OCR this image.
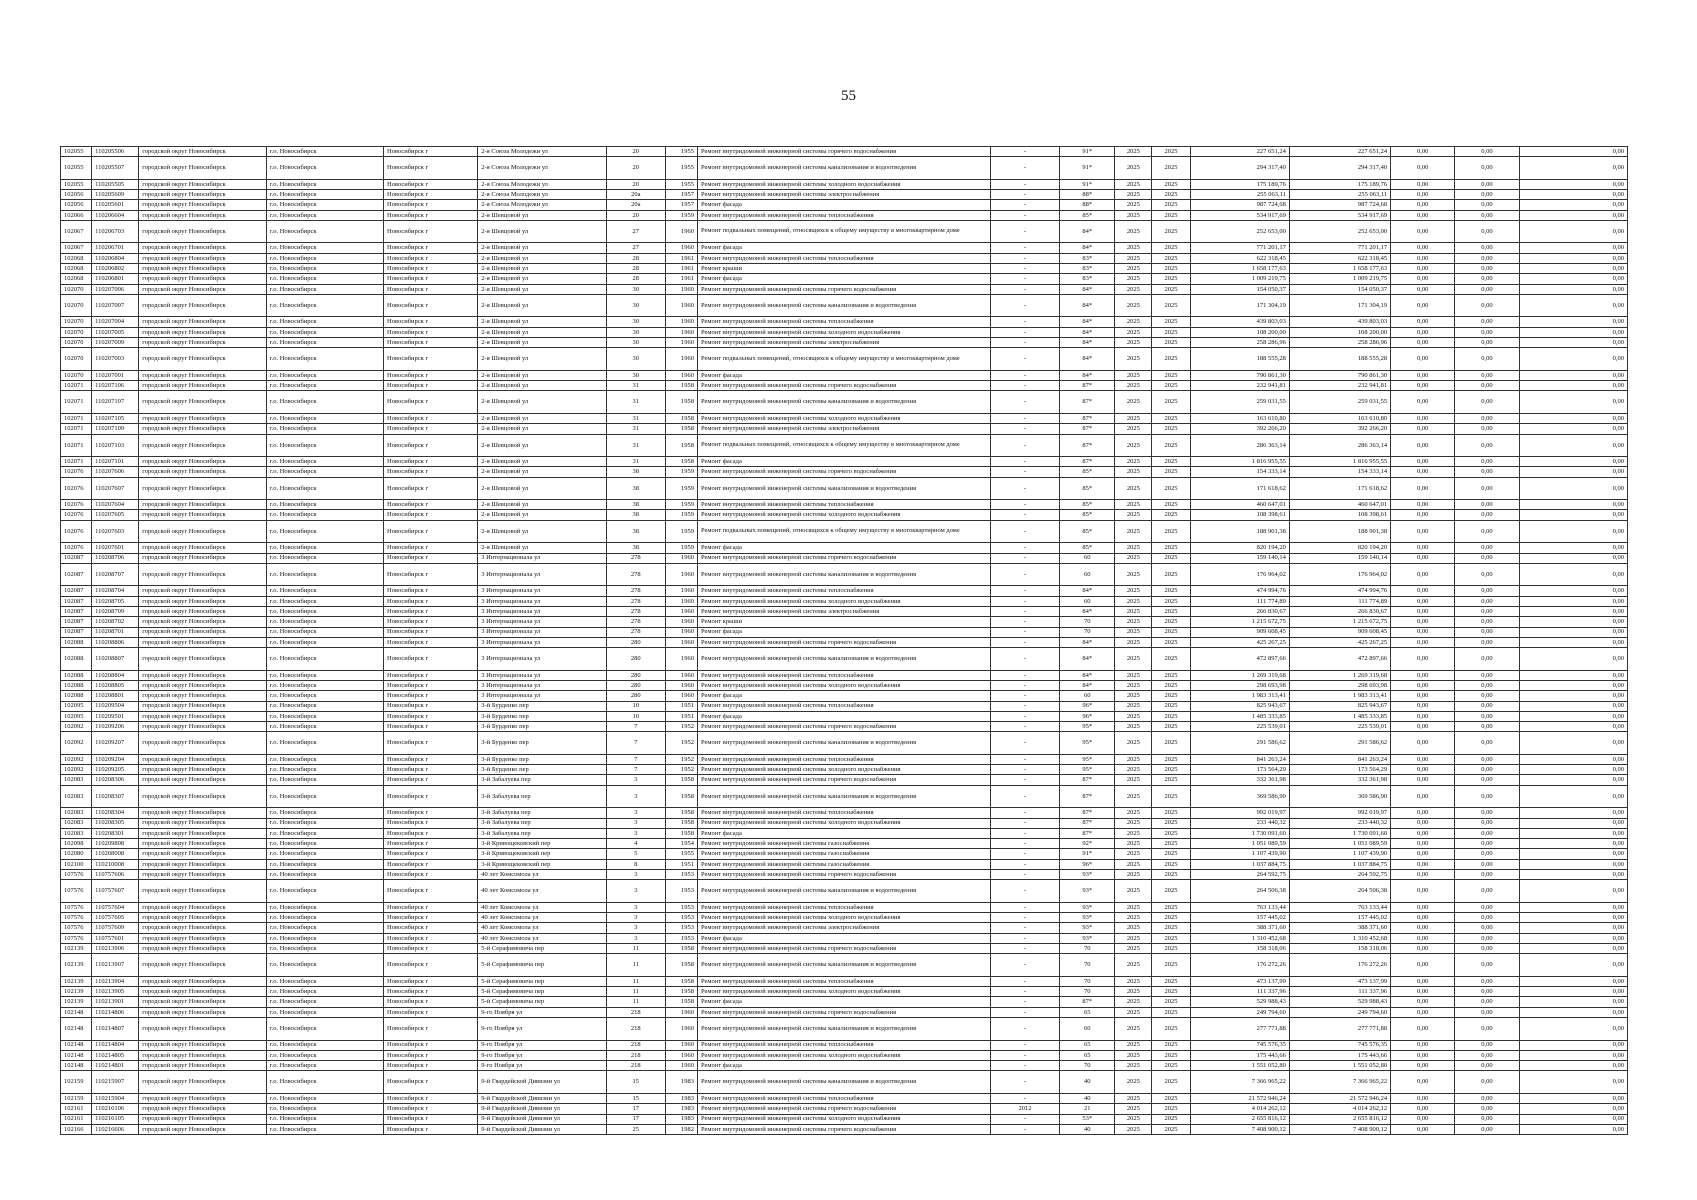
55
102055	110205506	городской округ Новосибирск	г.о. Новосибирск	Новосибирск г	2-я Союза Молодежи ул	20	1955	Ремонт внутридомовой инженерной системы горячего водоснабжения	-	91*	2025	2025	227 651,24	227 651,24	0,00	0,00	0,00
102055	110205507	городской округ Новосибирск	г.о. Новосибирск	Новосибирск г	2-я Союза Молодежи ул	20	1955	Ремонт внутридомовой инженерной системы канализования и водоотведения	-	91*	2025	2025	294 317,40	294 317,40	0,00	0,00	0,00
102055	110205505	городской округ Новосибирск	г.о. Новосибирск	Новосибирск г	2-я Союза Молодежи ул	20	1955	Ремонт внутридомовой инженерной системы холодного водоснабжения	-	91*	2025	2025	175 189,76	175 189,76	0,00	0,00	0,00
102056	110205609	городской округ Новосибирск	г.о. Новосибирск	Новосибирск г	2-я Союза Молодежи ул	20а	1957	Ремонт внутридомовой инженерной системы электроснабжения	-	88*	2025	2025	255 063,11	255 063,11	0,00	0,00	0,00
102056	110205601	городской округ Новосибирск	г.о. Новосибирск	Новосибирск г	2-я Союза Молодежи ул	20а	1957	Ремонт фасада	-	88*	2025	2025	987 724,68	987 724,68	0,00	0,00	0,00
102066	110206604	городской округ Новосибирск	г.о. Новосибирск	Новосибирск г	2-я Шевцовой ул	20	1959	Ремонт внутридомовой инженерной системы теплоснабжения	-	85*	2025	2025	534 917,69	534 917,69	0,00	0,00	0,00
102067	110206703	городской округ Новосибирск	г.о. Новосибирск	Новосибирск г	2-я Шевцовой ул	27	1960	Ремонт подвальных помещений, относящихся к общему имуществу в многоквартирном доме	-	84*	2025	2025	252 653,00	252 653,00	0,00	0,00	0,00
102067	110206701	городской округ Новосибирск	г.о. Новосибирск	Новосибирск г	2-я Шевцовой ул	27	1960	Ремонт фасада	-	84*	2025	2025	771 201,17	771 201,17	0,00	0,00	0,00
102068	110206804	городской округ Новосибирск	г.о. Новосибирск	Новосибирск г	2-я Шевцовой ул	28	1961	Ремонт внутридомовой инженерной системы теплоснабжения	-	83*	2025	2025	622 318,45	622 318,45	0,00	0,00	0,00
102068	110206802	городской округ Новосибирск	г.о. Новосибирск	Новосибирск г	2-я Шевцовой ул	28	1961	Ремонт крыши	-	83*	2025	2025	1 658 177,63	1 658 177,63	0,00	0,00	0,00
102068	110206801	городской округ Новосибирск	г.о. Новосибирск	Новосибирск г	2-я Шевцовой ул	28	1961	Ремонт фасада	-	83*	2025	2025	1 009 219,75	1 009 219,75	0,00	0,00	0,00
102070	110207006	городской округ Новосибирск	г.о. Новосибирск	Новосибирск г	2-я Шевцовой ул	30	1960	Ремонт внутридомовой инженерной системы горячего водоснабжения	-	84*	2025	2025	154 050,37	154 050,37	0,00	0,00	0,00
102070	110207007	городской округ Новосибирск	г.о. Новосибирск	Новосибирск г	2-я Шевцовой ул	30	1960	Ремонт внутридомовой инженерной системы канализования и водоотведения	-	84*	2025	2025	171 304,19	171 304,19	0,00	0,00	0,00
102070	110207004	городской округ Новосибирск	г.о. Новосибирск	Новосибирск г	2-я Шевцовой ул	30	1960	Ремонт внутридомовой инженерной системы теплоснабжения	-	84*	2025	2025	439 803,03	439 803,03	0,00	0,00	0,00
102070	110207005	городской округ Новосибирск	г.о. Новосибирск	Новосибирск г	2-я Шевцовой ул	30	1960	Ремонт внутридомовой инженерной системы холодного водоснабжения	-	84*	2025	2025	108 200,00	108 200,00	0,00	0,00	0,00
102070	110207009	городской округ Новосибирск	г.о. Новосибирск	Новосибирск г	2-я Шевцовой ул	30	1960	Ремонт внутридомовой инженерной системы электроснабжения	-	84*	2025	2025	258 286,96	258 286,96	0,00	0,00	0,00
102070	110207003	городской округ Новосибирск	г.о. Новосибирск	Новосибирск г	2-я Шевцовой ул	30	1960	Ремонт подвальных помещений, относящихся к общему имуществу в многоквартирном доме	-	84*	2025	2025	188 555,28	188 555,28	0,00	0,00	0,00
102070	110207001	городской округ Новосибирск	г.о. Новосибирск	Новосибирск г	2-я Шевцовой ул	30	1960	Ремонт фасада	-	84*	2025	2025	790 861,30	790 861,30	0,00	0,00	0,00
102071	110207106	городской округ Новосибирск	г.о. Новосибирск	Новосибирск г	2-я Шевцовой ул	31	1958	Ремонт внутридомовой инженерной системы горячего водоснабжения	-	87*	2025	2025	232 941,81	232 941,81	0,00	0,00	0,00
102071	110207107	городской округ Новосибирск	г.о. Новосибирск	Новосибирск г	2-я Шевцовой ул	31	1958	Ремонт внутридомовой инженерной системы канализования и водоотведения	-	87*	2025	2025	259 031,55	259 031,55	0,00	0,00	0,00
102071	110207105	городской округ Новосибирск	г.о. Новосибирск	Новосибирск г	2-я Шевцовой ул	31	1958	Ремонт внутридомовой инженерной системы холодного водоснабжения	-	87*	2025	2025	163 610,80	163 610,80	0,00	0,00	0,00
102071	110207109	городской округ Новосибирск	г.о. Новосибирск	Новосибирск г	2-я Шевцовой ул	31	1958	Ремонт внутридомовой инженерной системы электроснабжения	-	87*	2025	2025	392 266,20	392 266,20	0,00	0,00	0,00
102071	110207103	городской округ Новосибирск	г.о. Новосибирск	Новосибирск г	2-я Шевцовой ул	31	1958	Ремонт подвальных помещений, относящихся к общему имуществу в многоквартирном доме	-	87*	2025	2025	286 363,14	286 363,14	0,00	0,00	0,00
102071	110207101	городской округ Новосибирск	г.о. Новосибирск	Новосибирск г	2-я Шевцовой ул	31	1958	Ремонт фасада	-	87*	2025	2025	1 816 955,55	1 816 955,55	0,00	0,00	0,00
102076	110207606	городской округ Новосибирск	г.о. Новосибирск	Новосибирск г	2-я Шевцовой ул	38	1959	Ремонт внутридомовой инженерной системы горячего водоснабжения	-	85*	2025	2025	154 333,14	154 333,14	0,00	0,00	0,00
102076	110207607	городской округ Новосибирск	г.о. Новосибирск	Новосибирск г	2-я Шевцовой ул	38	1959	Ремонт внутридомовой инженерной системы канализования и водоотведения	-	85*	2025	2025	171 618,62	171 618,62	0,00	0,00	0,00
102076	110207604	городской округ Новосибирск	г.о. Новосибирск	Новосибирск г	2-я Шевцовой ул	38	1959	Ремонт внутридомовой инженерной системы теплоснабжения	-	85*	2025	2025	460 647,01	460 647,01	0,00	0,00	0,00
102076	110207605	городской округ Новосибирск	г.о. Новосибирск	Новосибирск г	2-я Шевцовой ул	38	1959	Ремонт внутридомовой инженерной системы холодного водоснабжения	-	85*	2025	2025	108 398,61	108 398,61	0,00	0,00	0,00
102076	110207603	городской округ Новосибирск	г.о. Новосибирск	Новосибирск г	2-я Шевцовой ул	38	1959	Ремонт подвальных помещений, относящихся к общему имуществу в многоквартирном доме	-	85*	2025	2025	188 901,38	188 901,38	0,00	0,00	0,00
102076	110207601	городской округ Новосибирск	г.о. Новосибирск	Новосибирск г	2-я Шевцовой ул	38	1959	Ремонт фасада	-	85*	2025	2025	820 194,20	820 194,20	0,00	0,00	0,00
102087	110208706	городской округ Новосибирск	г.о. Новосибирск	Новосибирск г	3 Интернационала ул	278	1960	Ремонт внутридомовой инженерной системы горячего водоснабжения	-	60	2025	2025	159 140,14	159 140,14	0,00	0,00	0,00
102087	110208707	городской округ Новосибирск	г.о. Новосибирск	Новосибирск г	3 Интернационала ул	278	1960	Ремонт внутридомовой инженерной системы канализования и водоотведения	-	60	2025	2025	176 964,02	176 964,02	0,00	0,00	0,00
102087	110208704	городской округ Новосибирск	г.о. Новосибирск	Новосибирск г	3 Интернационала ул	278	1960	Ремонт внутридомовой инженерной системы теплоснабжения	-	84*	2025	2025	474 994,76	474 994,76	0,00	0,00	0,00
102087	110208705	городской округ Новосибирск	г.о. Новосибирск	Новосибирск г	3 Интернационала ул	278	1960	Ремонт внутридомовой инженерной системы холодного водоснабжения	-	60	2025	2025	111 774,89	111 774,89	0,00	0,00	0,00
102087	110208709	городской округ Новосибирск	г.о. Новосибирск	Новосибирск г	3 Интернационала ул	278	1960	Ремонт внутридомовой инженерной системы электроснабжения	-	84*	2025	2025	266 830,67	266 830,67	0,00	0,00	0,00
102087	110208702	городской округ Новосибирск	г.о. Новосибирск	Новосибирск г	3 Интернационала ул	278	1960	Ремонт крыши	-	70	2025	2025	1 215 672,75	1 215 672,75	0,00	0,00	0,00
102087	110208701	городской округ Новосибирск	г.о. Новосибирск	Новосибирск г	3 Интернационала ул	278	1960	Ремонт фасада	-	70	2025	2025	909 608,45	909 608,45	0,00	0,00	0,00
102088	110208806	городской округ Новосибирск	г.о. Новосибирск	Новосибирск г	3 Интернационала ул	280	1960	Ремонт внутридомовой инженерной системы горячего водоснабжения	-	84*	2025	2025	425 267,25	425 267,25	0,00	0,00	0,00
102088	110208807	городской округ Новосибирск	г.о. Новосибирск	Новосибирск г	3 Интернационала ул	280	1960	Ремонт внутридомовой инженерной системы канализования и водоотведения	-	84*	2025	2025	472 897,66	472 897,66	0,00	0,00	0,00
102088	110208804	городской округ Новосибирск	г.о. Новосибирск	Новосибирск г	3 Интернационала ул	280	1960	Ремонт внутридомовой инженерной системы теплоснабжения	-	84*	2025	2025	1 269 319,68	1 269 319,68	0,00	0,00	0,00
102088	110208805	городской округ Новосибирск	г.о. Новосибирск	Новосибирск г	3 Интернационала ул	280	1960	Ремонт внутридомовой инженерной системы холодного водоснабжения	-	84*	2025	2025	298 693,98	298 693,98	0,00	0,00	0,00
102088	110208801	городской округ Новосибирск	г.о. Новосибирск	Новосибирск г	3 Интернационала ул	280	1960	Ремонт фасада	-	60	2025	2025	1 983 313,41	1 983 313,41	0,00	0,00	0,00
102095	110209504	городской округ Новосибирск	г.о. Новосибирск	Новосибирск г	3-й Бурденко пер	10	1951	Ремонт внутридомовой инженерной системы теплоснабжения	-	96*	2025	2025	825 943,67	825 943,67	0,00	0,00	0,00
102095	110209501	городской округ Новосибирск	г.о. Новосибирск	Новосибирск г	3-й Бурденко пер	10	1951	Ремонт фасада	-	96*	2025	2025	1 485 333,85	1 485 333,85	0,00	0,00	0,00
102092	110209206	городской округ Новосибирск	г.о. Новосибирск	Новосибирск г	3-й Бурденко пер	7	1952	Ремонт внутридомовой инженерной системы горячего водоснабжения	-	95*	2025	2025	225 539,01	225 539,01	0,00	0,00	0,00
102092	110209207	городской округ Новосибирск	г.о. Новосибирск	Новосибирск г	3-й Бурденко пер	7	1952	Ремонт внутридомовой инженерной системы канализования и водоотведения	-	95*	2025	2025	291 586,62	291 586,62	0,00	0,00	0,00
102092	110209204	городской округ Новосибирск	г.о. Новосибирск	Новосибирск г	3-й Бурденко пер	7	1952	Ремонт внутридомовой инженерной системы теплоснабжения	-	95*	2025	2025	841 263,24	841 263,24	0,00	0,00	0,00
102092	110209205	городской округ Новосибирск	г.о. Новосибирск	Новосибирск г	3-й Бурденко пер	7	1952	Ремонт внутридомовой инженерной системы холодного водоснабжения	-	95*	2025	2025	173 564,29	173 564,29	0,00	0,00	0,00
102083	110208306	городской округ Новосибирск	г.о. Новосибирск	Новосибирск г	3-й Забалуева пер	3	1958	Ремонт внутридомовой инженерной системы горячего водоснабжения	-	87*	2025	2025	332 361,98	332 361,98	0,00	0,00	0,00
102083	110208307	городской округ Новосибирск	г.о. Новосибирск	Новосибирск г	3-й Забалуева пер	3	1958	Ремонт внутридомовой инженерной системы канализования и водоотведения	-	87*	2025	2025	369 586,90	369 586,90	0,00	0,00	0,00
102083	110208304	городской округ Новосибирск	г.о. Новосибирск	Новосибирск г	3-й Забалуева пер	3	1958	Ремонт внутридомовой инженерной системы теплоснабжения	-	87*	2025	2025	992 019,97	992 019,97	0,00	0,00	0,00
102083	110208305	городской округ Новосибирск	г.о. Новосибирск	Новосибирск г	3-й Забалуева пер	3	1958	Ремонт внутридомовой инженерной системы холодного водоснабжения	-	87*	2025	2025	233 440,32	233 440,32	0,00	0,00	0,00
102083	110208301	городской округ Новосибирск	г.о. Новосибирск	Новосибирск г	3-й Забалуева пер	3	1958	Ремонт фасада	-	87*	2025	2025	1 730 091,60	1 730 091,60	0,00	0,00	0,00
102098	110209808	городской округ Новосибирск	г.о. Новосибирск	Новосибирск г	3-й Кривощековский пер	4	1954	Ремонт внутридомовой инженерной системы газоснабжения	-	92*	2025	2025	1 051 089,59	1 051 089,59	0,00	0,00	0,00
102080	110208008	городской округ Новосибирск	г.о. Новосибирск	Новосибирск г	3-й Кривощековский пер	5	1955	Ремонт внутридомовой инженерной системы газоснабжения	-	91*	2025	2025	1 107 439,90	1 107 439,90	0,00	0,00	0,00
102100	110210008	городской округ Новосибирск	г.о. Новосибирск	Новосибирск г	3-й Кривощековский пер	8	1951	Ремонт внутридомовой инженерной системы газоснабжения	-	96*	2025	2025	1 037 884,75	1 037 884,75	0,00	0,00	0,00
107576	110757606	городской округ Новосибирск	г.о. Новосибирск	Новосибирск г	40 лет Комсомола ул	3	1953	Ремонт внутридомовой инженерной системы горячего водоснабжения	-	93*	2025	2025	264 592,75	264 592,75	0,00	0,00	0,00
107576	110757607	городской округ Новосибирск	г.о. Новосибирск	Новосибирск г	40 лет Комсомола ул	3	1953	Ремонт внутридомовой инженерной системы канализования и водоотведения	-	93*	2025	2025	264 506,38	264 506,38	0,00	0,00	0,00
107576	110757604	городской округ Новосибирск	г.о. Новосибирск	Новосибирск г	40 лет Комсомола ул	3	1953	Ремонт внутридомовой инженерной системы теплоснабжения	-	93*	2025	2025	763 133,44	763 133,44	0,00	0,00	0,00
107576	110757605	городской округ Новосибирск	г.о. Новосибирск	Новосибирск г	40 лет Комсомола ул	3	1953	Ремонт внутридомовой инженерной системы холодного водоснабжения	-	93*	2025	2025	157 445,02	157 445,02	0,00	0,00	0,00
107576	110757609	городской округ Новосибирск	г.о. Новосибирск	Новосибирск г	40 лет Комсомола ул	3	1953	Ремонт внутридомовой инженерной системы электроснабжения	-	93*	2025	2025	388 371,60	388 371,60	0,00	0,00	0,00
107576	110757601	городской округ Новосибирск	г.о. Новосибирск	Новосибирск г	40 лет Комсомола ул	3	1953	Ремонт фасада	-	93*	2025	2025	1 310 452,68	1 310 452,68	0,00	0,00	0,00
102139	110213906	городской округ Новосибирск	г.о. Новосибирск	Новосибирск г	5-й Серафимовича пер	11	1958	Ремонт внутридомовой инженерной системы горячего водоснабжения	-	70	2025	2025	158 318,06	158 318,06	0,00	0,00	0,00
102139	110213907	городской округ Новосибирск	г.о. Новосибирск	Новосибирск г	5-й Серафимовича пер	11	1958	Ремонт внутридомовой инженерной системы канализования и водоотведения	-	70	2025	2025	176 272,26	176 272,26	0,00	0,00	0,00
102139	110213904	городской округ Новосибирск	г.о. Новосибирск	Новосибирск г	5-й Серафимовича пер	11	1958	Ремонт внутридомовой инженерной системы теплоснабжения	-	70	2025	2025	473 137,99	473 137,99	0,00	0,00	0,00
102139	110213905	городской округ Новосибирск	г.о. Новосибирск	Новосибирск г	5-й Серафимовича пер	11	1958	Ремонт внутридомовой инженерной системы холодного водоснабжения	-	70	2025	2025	111 337,96	111 337,96	0,00	0,00	0,00
102139	110213901	городской округ Новосибирск	г.о. Новосибирск	Новосибирск г	5-й Серафимовича пер	11	1958	Ремонт фасада	-	87*	2025	2025	529 988,43	529 988,43	0,00	0,00	0,00
102148	110214806	городской округ Новосибирск	г.о. Новосибирск	Новосибирск г	9-го Ноября ул	218	1960	Ремонт внутридомовой инженерной системы горячего водоснабжения	-	65	2025	2025	249 794,60	249 794,60	0,00	0,00	0,00
102148	110214807	городской округ Новосибирск	г.о. Новосибирск	Новосибирск г	9-го Ноября ул	218	1960	Ремонт внутридомовой инженерной системы канализования и водоотведения	-	60	2025	2025	277 771,88	277 771,88	0,00	0,00	0,00
102148	110214804	городской округ Новосибирск	г.о. Новосибирск	Новосибирск г	9-го Ноября ул	218	1960	Ремонт внутридомовой инженерной системы теплоснабжения	-	65	2025	2025	745 576,35	745 576,35	0,00	0,00	0,00
102148	110214805	городской округ Новосибирск	г.о. Новосибирск	Новосибирск г	9-го Ноября ул	218	1960	Ремонт внутридомовой инженерной системы холодного водоснабжения	-	65	2025	2025	175 443,66	175 443,66	0,00	0,00	0,00
102148	110214801	городской округ Новосибирск	г.о. Новосибирск	Новосибирск г	9-го Ноября ул	218	1960	Ремонт фасада	-	70	2025	2025	1 551 052,80	1 551 052,80	0,00	0,00	0,00
102159	110215907	городской округ Новосибирск	г.о. Новосибирск	Новосибирск г	9-й Гвардейской Дивизии ул	15	1983	Ремонт внутридомовой инженерной системы канализования и водоотведения	-	40	2025	2025	7 366 965,22	7 366 965,22	0,00	0,00	0,00
102159	110215904	городской округ Новосибирск	г.о. Новосибирск	Новосибирск г	9-й Гвардейской Дивизии ул	15	1983	Ремонт внутридомовой инженерной системы теплоснабжения	-	40	2025	2025	21 572 946,24	21 572 946,24	0,00	0,00	0,00
102161	110216106	городской округ Новосибирск	г.о. Новосибирск	Новосибирск г	9-й Гвардейской Дивизии ул	17	1983	Ремонт внутридомовой инженерной системы горячего водоснабжения	2012	21	2025	2025	4 014 262,12	4 014 262,12	0,00	0,00	0,00
102161	110216105	городской округ Новосибирск	г.о. Новосибирск	Новосибирск г	9-й Гвардейской Дивизии ул	17	1983	Ремонт внутридомовой инженерной системы холодного водоснабжения	-	53*	2025	2025	2 655 816,12	2 655 816,12	0,00	0,00	0,00
102166	110216606	городской округ Новосибирск	г.о. Новосибирск	Новосибирск г	9-й Гвардейской Дивизии ул	25	1982	Ремонт внутридомовой инженерной системы горячего водоснабжения	-	40	2025	2025	7 408 900,12	7 408 900,12	0,00	0,00	0,00
